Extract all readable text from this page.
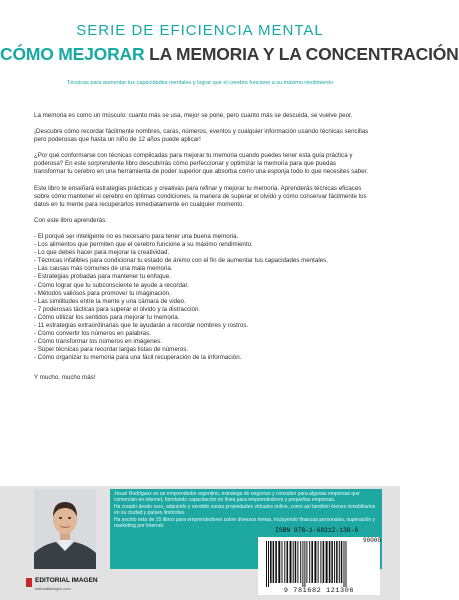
SERIE DE EFICIENCIA MENTAL
CÓMO MEJORAR LA MEMORIA Y LA CONCENTRACIÓN
Técnicas para aumentar tus capacidades mentales y lograr que el cerebro funcione a su máximo rendimiento

La memoria es como un músculo: cuanto más se usa, mejor se pone, pero cuanto más se descuida, se vuelve peor.

¡Descubre cómo recordar fácilmente nombres, caras, números, eventos y cualquier información usando técnicas sencillas pero poderosas que hasta un niño de 12 años puede aplicar!

¿Por qué conformarse con técnicas complicadas para mejorar tu memoria cuando puedes tener esta guía práctica y poderosa? En este sorprendente libro descubrirás cómo perfeccionar y optimizar la memoria para que puedas transformar tu cerebro en una herramienta de poder superior que absorba como una esponja todo lo que necesites saber.

Este libro te enseñará estrategias prácticas y creativas para refinar y mejorar tu memoria. Aprenderás técnicas eficaces sobre cómo mantener el cerebro en óptimas condiciones, la manera de superar el olvido y cómo conservar fácilmente los datos en tu mente para recuperarlos inmediatamente en cualquier momento.

Con este libro aprenderás:

- El porqué ser inteligente no es necesario para tener una buena memoria.
- Los alimentos que permiten que el cerebro funcione a su máximo rendimiento.
- Lo que debes hacer para mejorar la creatividad.
- Técnicas infalibles para condicionar tu estado de ánimo con el fin de aumentar tus capacidades mentales.
- Las causas más comunes de una mala memoria.
- Estrategias probadas para mantener tu enfoque.
- Cómo lograr que tu subconsciente te ayude a recordar.
- Métodos valiosos para promover tu imaginación.
- Las similitudes entre la mente y una cámara de video.
- 7 poderosas tácticas para superar el olvido y la distracción.
- Cómo utilizar los sentidos para mejorar tu memoria.
- 11 estrategias extraordinarias que te ayudarán a recordar nombres y rostros.
- Cómo convertir los números en palabras.
- Cómo transformar los números en imágenes.
- Súper técnicas para recordar largas listas de números.
- Cómo organizar tu memoria para una fácil recuperación de la información.

Y mucho, mucho más!

Josué Rodríguez es un emprendedor argentino, estratega de negocios y consultor para algunas empresas que comercian en internet, brindando capacitación en línea para emprendedores y pequeñas empresas.

Ha creado desde cero, adquirido y vendido varias propiedades virtuales online, como así también bienes inmobiliarios en su ciudad y países limítrofes.

Ha escrito más de 15 libros para emprendedores sobre diversos temas, incluyendo finanzas personales, superación y marketing por Internet.

ISBN 978-1-68212-130-6
90000
9 781682 121306
EDITORIAL IMAGEN
editorialimagen.com
